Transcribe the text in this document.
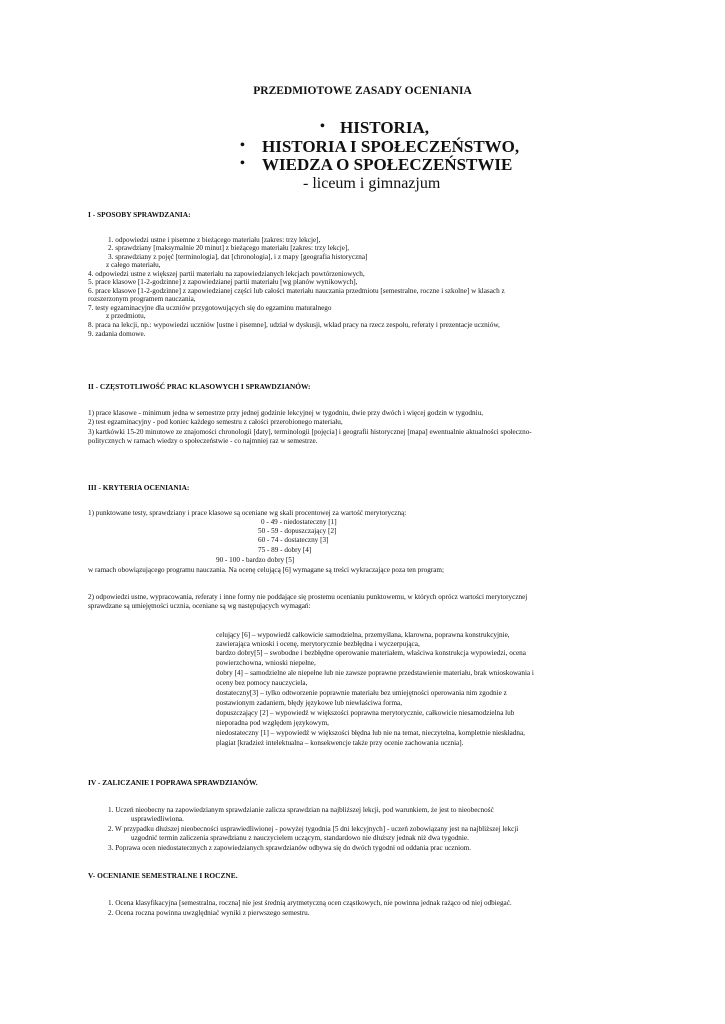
PRZEDMIOTOWE ZASADY OCENIANIA
• HISTORIA,
• HISTORIA I SPOŁECZEŃSTWO,
• WIEDZA O SPOŁECZEŃSTWIE
- liceum i gimnazjum
I - SPOSOBY SPRAWDZANIA:
1. odpowiedzi ustne i pisemne z bieżącego materiału [zakres: trzy lekcje],
2. sprawdziany [maksymalnie 20 minut] z bieżącego materiału [zakres: trzy lekcje],
3. sprawdziany z pojęć [terminologia], dat [chronologia], i z mapy [geografia historyczna]
z całego materiału,
4. odpowiedzi ustne z większej partii materiału na zapowiedzianych lekcjach powtórzeniowych,
5. prace klasowe [1-2-godzinne] z zapowiedzianej partii materiału [wg planów wynikowych],
6. prace klasowe [1-2-godzinne] z zapowiedzianej części lub całości materiału nauczania przedmiotu [semestralne, roczne i szkolne] w klasach z
rozszerzonym programem nauczania,
7. testy egzaminacyjne dla uczniów przygotowujących się do egzaminu maturalnego
z przedmiotu,
8. praca na lekcji, np.: wypowiedzi uczniów [ustne i pisemne], udział w dyskusji, wkład pracy na rzecz zespołu, referaty i prezentacje uczniów,
9. zadania domowe.
II - CZĘSTOTLIWOŚĆ PRAC KLASOWYCH I SPRAWDZIANÓW:
1) prace klasowe - minimum jedna w semestrze przy jednej godzinie lekcyjnej w tygodniu, dwie przy dwóch i więcej godzin w tygodniu,
2) test egzaminacyjny - pod koniec każdego semestru z całości przerobionego materiału,
3) kartkówki 15-20 minutowe ze znajomości chronologii [daty], terminologii [pojęcia] i geografii historycznej [mapa] ewentualnie aktualności społeczno-
politycznych w ramach wiedzy o społeczeństwie - co najmniej raz w semestrze.
III - KRYTERIA OCENIANIA:
1) punktowane testy, sprawdziany i prace klasowe są oceniane wg skali procentowej za wartość merytoryczną:
0 - 49 - niedostateczny [1]
50 - 59 - dopuszczający [2]
60 - 74 - dostateczny [3]
75 - 89 - dobry [4]
90 - 100 - bardzo dobry [5]
w ramach obowiązującego programu nauczania. Na ocenę celującą [6] wymagane są treści wykraczające poza ten program;
2) odpowiedzi ustne, wypracowania, referaty i inne formy nie poddające się prostemu ocenianiu punktowemu, w których oprócz wartości merytorycznej
sprawdzane są umiejętności ucznia, oceniane są wg następujących wymagań:
celujący [6] – wypowiedź całkowicie samodzielna, przemyślana, klarowna, poprawna konstrukcyjnie,
zawierająca wnioski i ocenę, merytorycznie bezbłędna i wyczerpująca,
bardzo dobry[5] – swobodne i bezbłędne operowanie materiałem, właściwa konstrukcja wypowiedzi, ocena
powierzchowna, wnioski niepełne,
dobry [4] – samodzielne ale niepełne lub nie zawsze poprawne przedstawienie materiału, brak wnioskowania i
oceny bez pomocy nauczyciela,
dostateczny[3] – tylko odtworzenie poprawnie materiału bez umiejętności operowania nim zgodnie z
postawionym zadaniem, błędy językowe lub niewłaściwa forma,
dopuszczający [2] – wypowiedź w większości poprawna merytorycznie, całkowicie niesamodzielna lub
nieporadna pod względem językowym,
niedostateczny [1] – wypowiedź w większości błędna lub nie na temat, nieczytelna, kompletnie nieskładna,
plagiat [kradzież intelektualna – konsekwencje także przy ocenie zachowania ucznia].
IV - ZALICZANIE I POPRAWA SPRAWDZIANÓW.
1. Uczeń nieobecny na zapowiedzianym sprawdzianie zalicza sprawdzian na najbliższej lekcji, pod warunkiem, że jest to nieobecność
usprawiedliwiona.
2. W przypadku dłuższej nieobecności usprawiedliwionej - powyżej tygodnia [5 dni lekcyjnych] - uczeń zobowiązany jest na najbliższej lekcji
uzgodnić termin zaliczenia sprawdzianu z nauczycielem uczącym, standardowo nie dłuższy jednak niż dwa tygodnie.
3. Poprawa ocen niedostatecznych z zapowiedzianych sprawdzianów odbywa się do dwóch tygodni od oddania prac uczniom.
V- OCENIANIE SEMESTRALNE I ROCZNE.
1. Ocena klasyfikacyjna [semestralna, roczna] nie jest średnią arytmetyczną ocen cząstkowych, nie powinna jednak rażąco od niej odbiegać.
2. Ocena roczna powinna uwzględniać wyniki z pierwszego semestru.
